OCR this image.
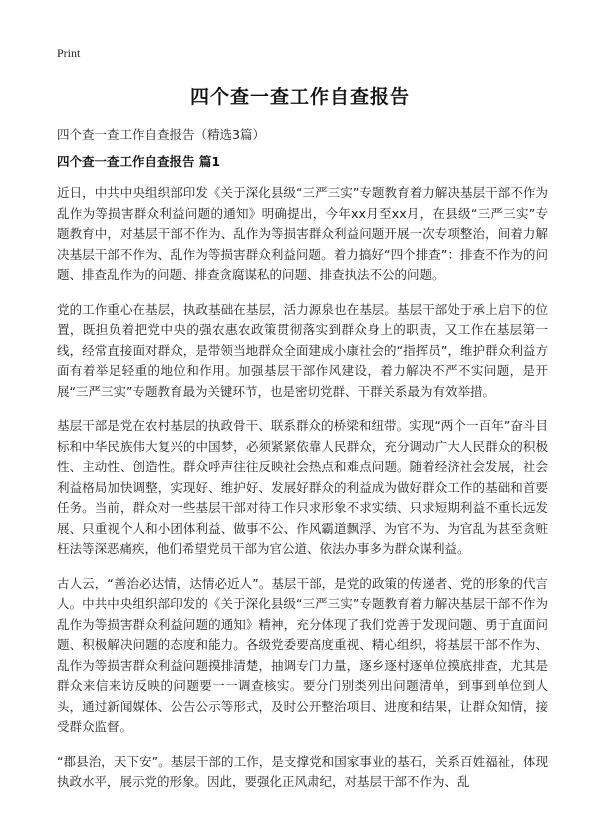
Print
四个查一查工作自查报告
四个查一查工作自查报告（精选3篇）
四个查一查工作自查报告 篇1

近日，中共中央组织部印发《关于深化县级“三严三实”专题教育着力解决基层干部不作为乱作为等损害群众利益问题的通知》明确提出，今年xx月至xx月，在县级“三严三实”专题教育中，对基层干部不作为、乱作为等损害群众利益问题开展一次专项整治，间着力解决基层干部不作为、乱作为等损害群众利益问题。着力搞好“四个排查”：排查不作为的问题、排查乱作为的问题、排查贪腐谋私的问题、排查执法不公的问题。

党的工作重心在基层，执政基础在基层，活力源泉也在基层。基层干部处于承上启下的位置，既担负着把党中央的强农惠农政策贯彻落实到群众身上的职责，又工作在基层第一线，经常直接面对群众，是带领当地群众全面建成小康社会的“指挥员”，维护群众利益方面有着举足轻重的地位和作用。加强基层干部作风建设，着力解决不严不实问题，是开展“三严三实”专题教育最为关键环节，也是密切党群、干群关系最为有效举措。

基层干部是党在农村基层的执政骨干、联系群众的桥梁和纽带。实现“两个一百年”奋斗目标和中华民族伟大复兴的中国梦，必须紧紧依靠人民群众，充分调动广大人民群众的积极性、主动性、创造性。群众呼声往往反映社会热点和难点问题。随着经济社会发展，社会利益格局加快调整，实现好、维护好、发展好群众的利益成为做好群众工作的基础和首要任务。当前，群众对一些基层干部对待工作只求形象不求实绩、只求短期利益不重长远发展、只重视个人和小团体利益、做事不公、作风霸道飘浮、为官不为、为官乱为甚至贪赃枉法等深恶痛疾，他们希望党员干部为官公道、依法办事多为群众谋利益。

古人云，“善治必达情，达情必近人”。基层干部，是党的政策的传递者、党的形象的代言人。中共中央组织部印发的《关于深化县级“三严三实”专题教育着力解决基层干部不作为乱作为等损害群众利益问题的通知》精神，充分体现了我们党善于发现问题、勇于直面问题、积极解决问题的态度和能力。各级党委要高度重视、精心组织，将基层干部不作为、乱作为等损害群众利益问题摸排清楚，抽调专门力量，逐乡逐村逐单位摸底排查，尤其是群众来信来访反映的问题要一一调查核实。要分门别类列出问题清单，到事到单位到人头，通过新闻媒体、公告公示等形式，及时公开整治项目、进度和结果，让群众知情，接受群众监督。

“郡县治，天下安”。基层干部的工作，是支撑党和国家事业的基石，关系百姓福祉，体现执政水平，展示党的形象。因此，要强化正风肃纪，对基层干部不作为、乱
